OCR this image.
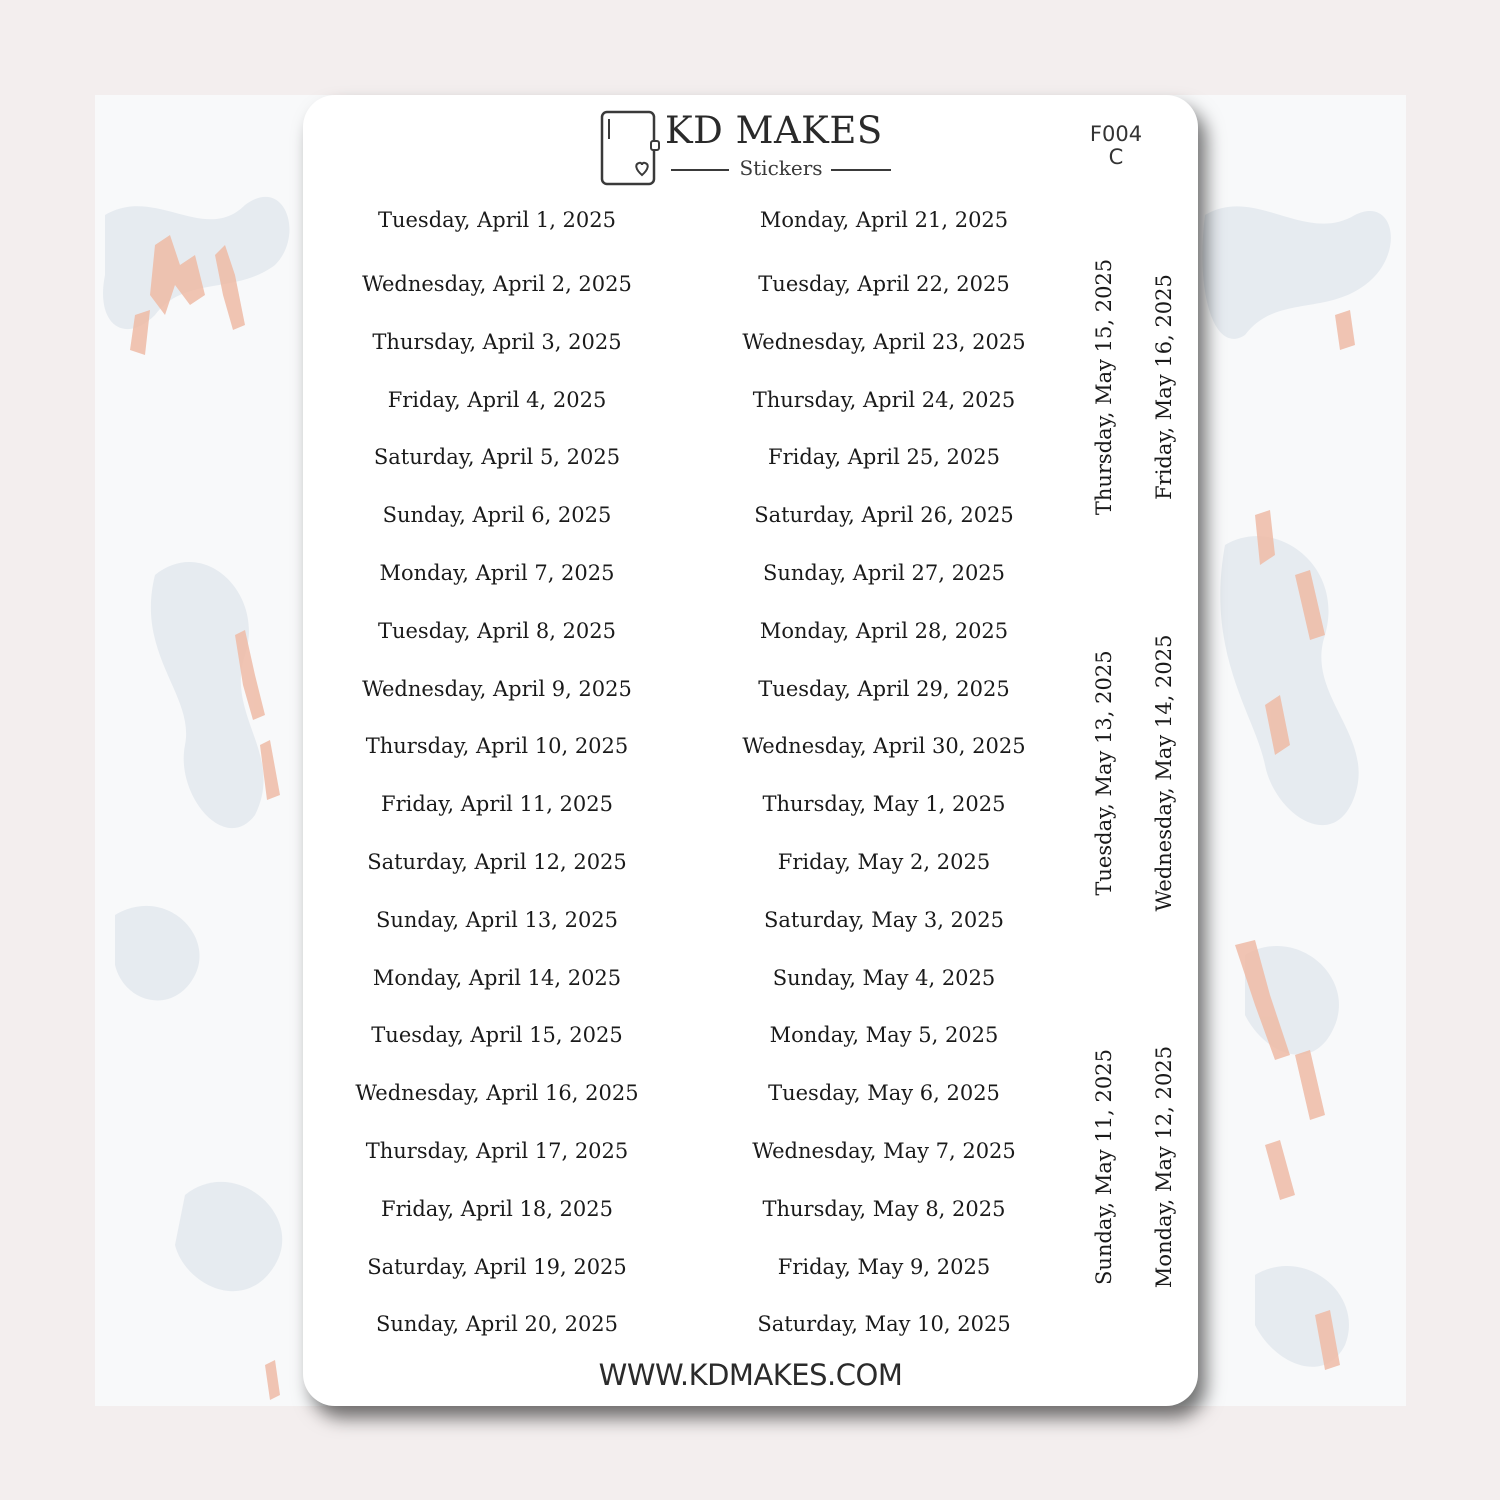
KD MAKES
Stickers
F004
C
Tuesday, April 1, 2025
Wednesday, April 2, 2025
Thursday, April 3, 2025
Friday, April 4, 2025
Saturday, April 5, 2025
Sunday, April 6, 2025
Monday, April 7, 2025
Tuesday, April 8, 2025
Wednesday, April 9, 2025
Thursday, April 10, 2025
Friday, April 11, 2025
Saturday, April 12, 2025
Sunday, April 13, 2025
Monday, April 14, 2025
Tuesday, April 15, 2025
Wednesday, April 16, 2025
Thursday, April 17, 2025
Friday, April 18, 2025
Saturday, April 19, 2025
Sunday, April 20, 2025
Monday, April 21, 2025
Tuesday, April 22, 2025
Wednesday, April 23, 2025
Thursday, April 24, 2025
Friday, April 25, 2025
Saturday, April 26, 2025
Sunday, April 27, 2025
Monday, April 28, 2025
Tuesday, April 29, 2025
Wednesday, April 30, 2025
Thursday, May 1, 2025
Friday, May 2, 2025
Saturday, May 3, 2025
Sunday, May 4, 2025
Monday, May 5, 2025
Tuesday, May 6, 2025
Wednesday, May 7, 2025
Thursday, May 8, 2025
Friday, May 9, 2025
Saturday, May 10, 2025
Thursday, May 15, 2025 Friday, May 16, 2025
Tuesday, May 13, 2025 Wednesday, May 14, 2025
Sunday, May 11, 2025 Monday, May 12, 2025
WWW.KDMAKES.COM
